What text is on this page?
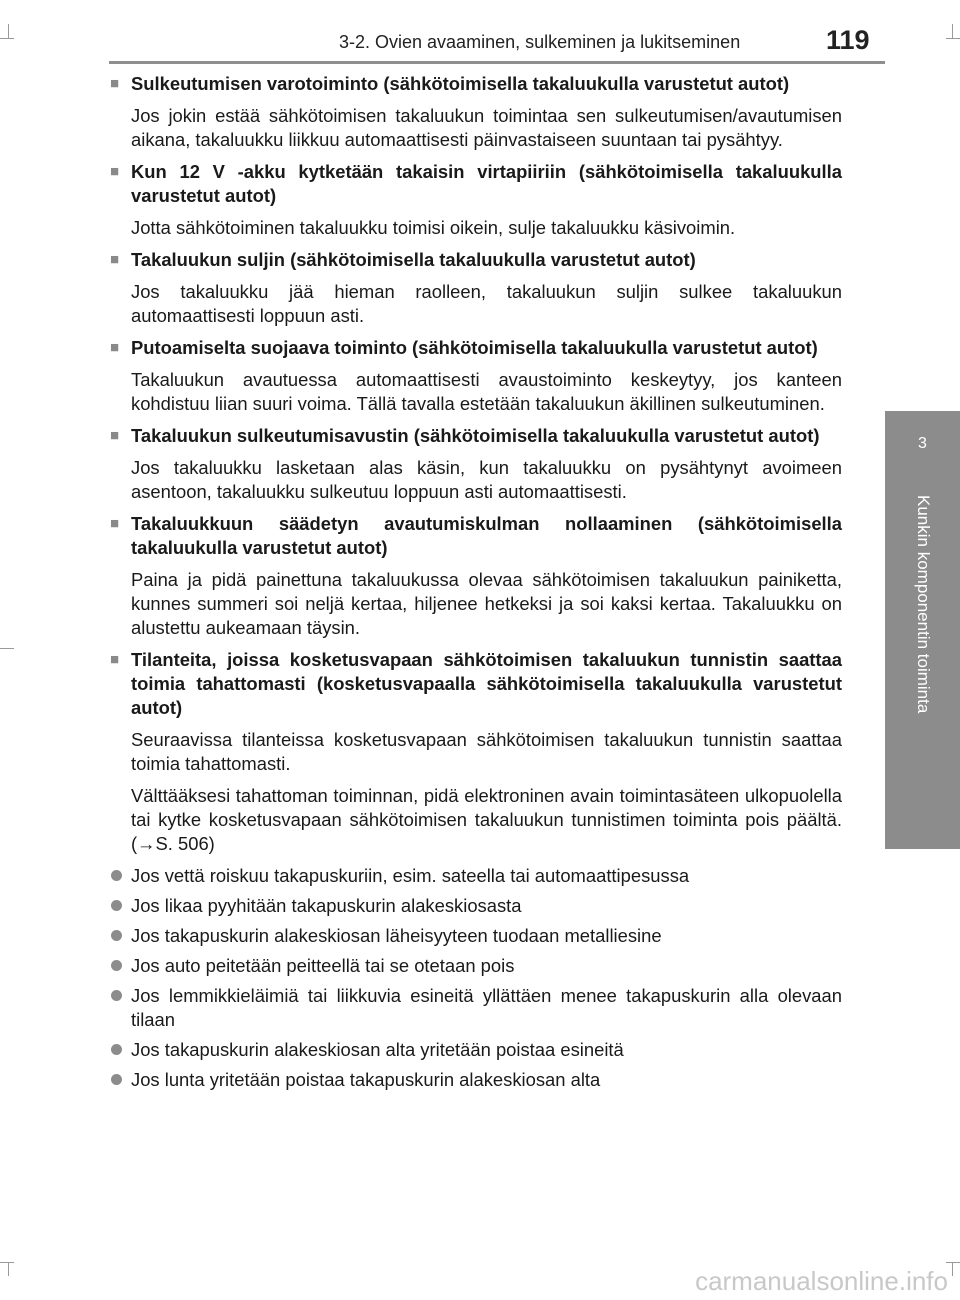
3-2. Ovien avaaminen, sulkeminen ja lukitseminen	119
3
Kunkin komponentin toiminta
■ Sulkeutumisen varotoiminto (sähkötoimisella takaluukulla varustetut autot)
Jos jokin estää sähkötoimisen takaluukun toimintaa sen sulkeutumisen/avautumisen aikana, takaluukku liikkuu automaattisesti päinvastaiseen suuntaan tai pysähtyy.
■ Kun 12 V -akku kytketään takaisin virtapiiriin (sähkötoimisella takaluukulla varustetut autot)
Jotta sähkötoiminen takaluukku toimisi oikein, sulje takaluukku käsivoimin.
■ Takaluukun suljin (sähkötoimisella takaluukulla varustetut autot)
Jos takaluukku jää hieman raolleen, takaluukun suljin sulkee takaluukun automaattisesti loppuun asti.
■ Putoamiselta suojaava toiminto (sähkötoimisella takaluukulla varustetut autot)
Takaluukun avautuessa automaattisesti avaustoiminto keskeytyy, jos kanteen kohdistuu liian suuri voima. Tällä tavalla estetään takaluukun äkillinen sulkeutuminen.
■ Takaluukun sulkeutumisavustin (sähkötoimisella takaluukulla varustetut autot)
Jos takaluukku lasketaan alas käsin, kun takaluukku on pysähtynyt avoimeen asentoon, takaluukku sulkeutuu loppuun asti automaattisesti.
■ Takaluukkuun säädetyn avautumiskulman nollaaminen (sähkötoimisella takaluukulla varustetut autot)
Paina ja pidä painettuna takaluukussa olevaa sähkötoimisen takaluukun painiketta, kunnes summeri soi neljä kertaa, hiljenee hetkeksi ja soi kaksi kertaa. Takaluukku on alustettu aukeamaan täysin.
■ Tilanteita, joissa kosketusvapaan sähkötoimisen takaluukun tunnistin saattaa toimia tahattomasti (kosketusvapaalla sähkötoimisella takaluukulla varustetut autot)
Seuraavissa tilanteissa kosketusvapaan sähkötoimisen takaluukun tunnistin saattaa toimia tahattomasti.
Välttääksesi tahattoman toiminnan, pidä elektroninen avain toimintasäteen ulkopuolella tai kytke kosketusvapaan sähkötoimisen takaluukun tunnistimen toiminta pois päältä. (→S. 506)
Jos vettä roiskuu takapuskuriin, esim. sateella tai automaattipesussa
Jos likaa pyyhitään takapuskurin alakeskiosasta
Jos takapuskurin alakeskiosan läheisyyteen tuodaan metalliesine
Jos auto peitetään peitteellä tai se otetaan pois
Jos lemmikkieläimiä tai liikkuvia esineitä yllättäen menee takapuskurin alla olevaan tilaan
Jos takapuskurin alakeskiosan alta yritetään poistaa esineitä
Jos lunta yritetään poistaa takapuskurin alakeskiosan alta
carmanualsonline.info
